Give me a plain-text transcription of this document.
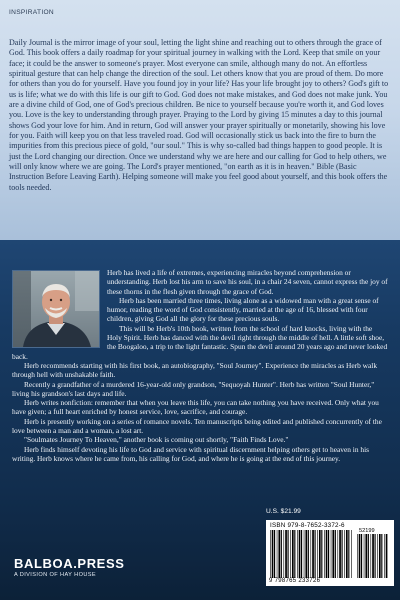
INSPIRATION

Daily Journal is the mirror image of your soul, letting the light shine and reaching out to others through the grace of God. This book offers a daily roadmap for your spiritual journey in walking with the Lord. Keep that smile on your face; it could be the answer to someone's prayer. Most everyone can smile, although many do not. An effortless spiritual gesture that can help change the direction of the soul. Let others know that you are proud of them. Do more for others than you do for yourself. Have you found joy in your life? Has your life brought joy to others? God's gift to us is life; what we do with this life is our gift to God. God does not make mistakes, and God does not make junk. You are a divine child of God, one of God's precious children. Be nice to yourself because you're worth it, and God loves you. Love is the key to understanding through prayer. Praying to the Lord by giving 15 minutes a day to this journal shows God your love for him. And in return, God will answer your prayer spiritually or monetarily, showing his love for you. Faith will keep you on that less traveled road. God will occasionally stick us back into the fire to burn the impurities from this precious piece of gold, "our soul." This is why so-called bad things happen to good people. It is just the Lord changing our direction. Once we understand why we are here and our calling for God to help others, we will only know where we are going. The Lord's prayer mentioned, "on earth as it is in heaven." Bible (Basic Instruction Before Leaving Earth). Helping someone will make you feel good about yourself, and this book offers the tools needed.

Herb has lived a life of extremes, experiencing miracles beyond comprehension or understanding. Herb lost his arm to save his soul, in a chair 24 seven, cannot express the joy of these thorns in the flesh given through the grace of God.

Herb has been married three times, living alone as a widowed man with a great sense of humor, reading the word of God consistently, married at the age of 16, blessed with four children, giving God all the glory for these precious souls.

This will be Herb's 10th book, written from the school of hard knocks, living with the Holy Spirit. Herb has danced with the devil right through the middle of hell. A little soft shoe, the Boogaloo, a trip to the light fantastic. Spun the devil around 20 years ago and never looked back.

Herb recommends starting with his first book, an autobiography, "Soul Journey". Experience the miracles as Herb walk through hell with unshakable faith.

Recently a grandfather of a murdered 16-year-old only grandson, "Sequoyah Hunter". Herb has written "Soul Hunter," living his grandson's last days and life.

Herb writes nonfiction: remember that when you leave this life, you can take nothing you have received. Only what you have given; a full heart enriched by honest service, love, sacrifice, and courage.

Herb is presently working on a series of romance novels. Ten manuscripts being edited and published concurrently of the love between a man and a woman, a lost art.

"Soulmates Journey To Heaven," another book is coming out shortly, "Faith Finds Love."

Herb finds himself devoting his life to God and service with spiritual discernment helping others get to heaven in his writing. Herb knows where he came from, his calling for God, and where he is going at the end of this journey.

BALBOA.PRESS
A DIVISION OF HAY HOUSE
U.S. $21.99
ISBN 979-8-7652-3372-6
52199
9 798765 233726
